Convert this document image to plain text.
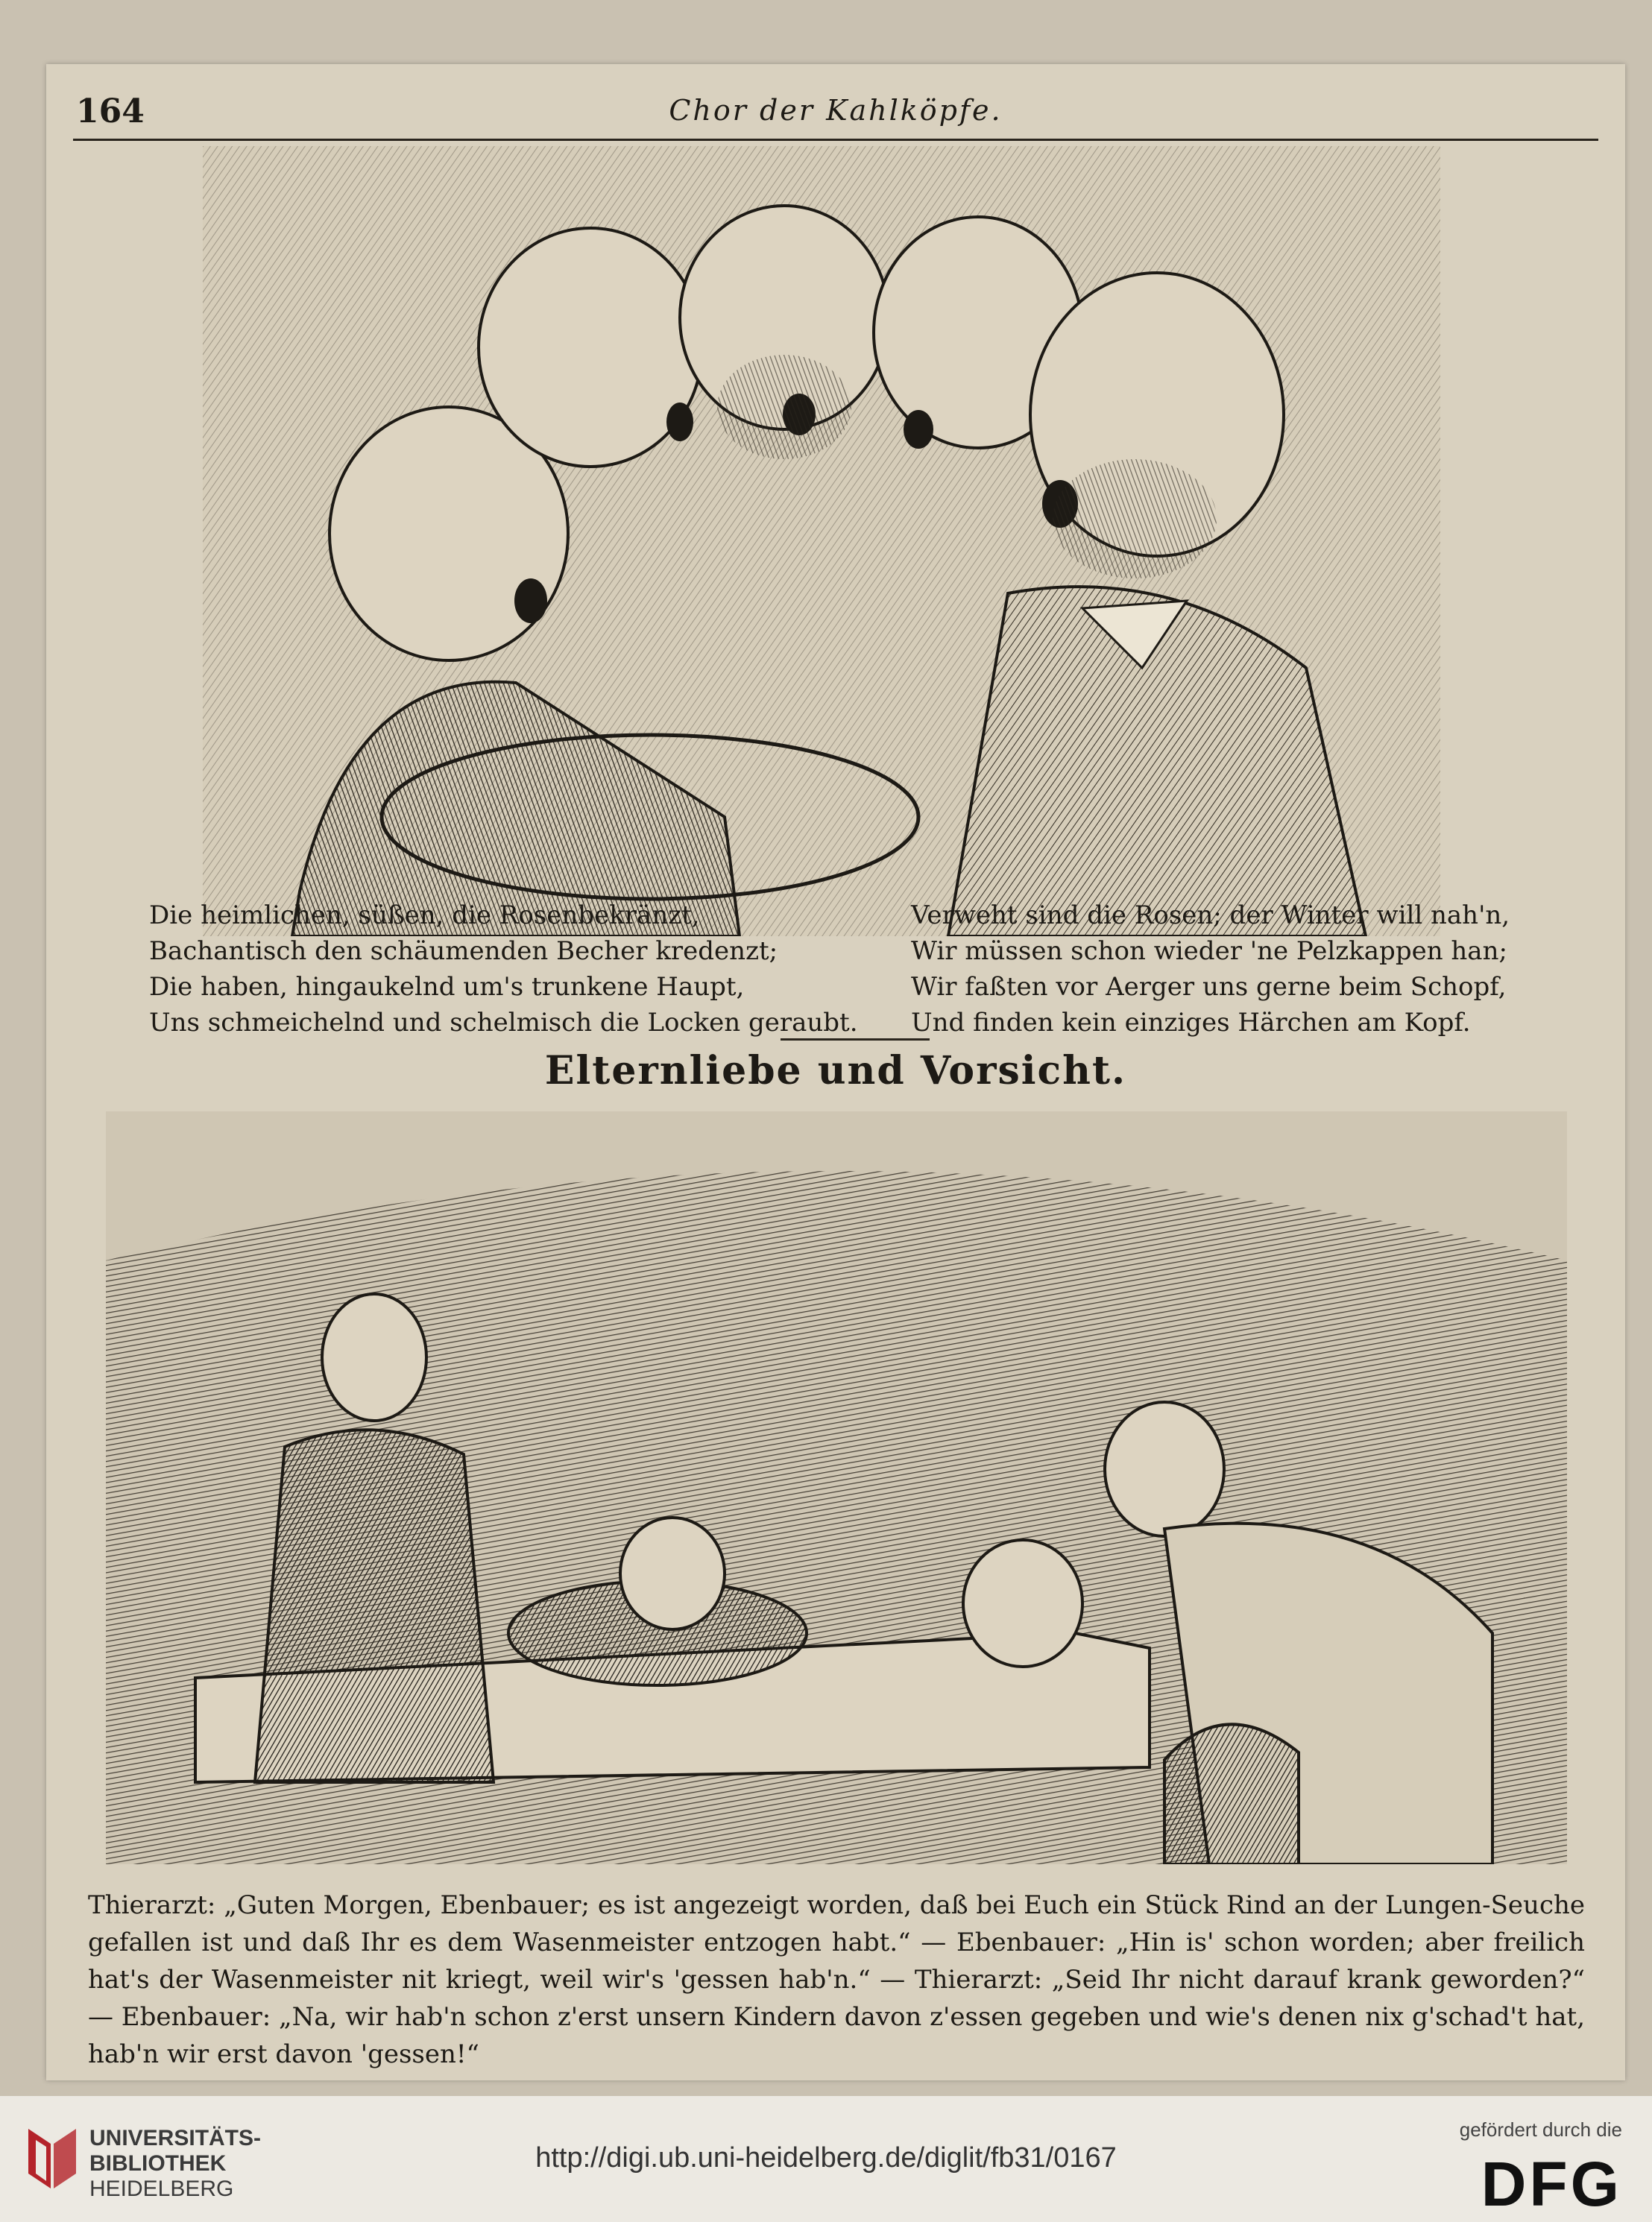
164	Chor der Kahlköpfe.
Die heimlichen, süßen, die Rosenbekränzt,
Bachantisch den schäumenden Becher kredenzt;
Die haben, hingaukelnd um's trunkene Haupt,
Uns schmeichelnd und schelmisch die Locken geraubt.
Verweht sind die Rosen; der Winter will nah'n,
Wir müssen schon wieder 'ne Pelzkappen han;
Wir faßten vor Aerger uns gerne beim Schopf,
Und finden kein einziges Härchen am Kopf.
Elternliebe und Vorsicht.
Thierarzt: „Guten Morgen, Ebenbauer; es ist angezeigt worden, daß bei Euch ein Stück Rind an der Lungen-Seuche gefallen ist und daß Ihr es dem Wasenmeister entzogen habt.“ — Ebenbauer: „Hin is' schon worden; aber freilich hat's der Wasenmeister nit kriegt, weil wir's 'gessen hab'n.“ — Thierarzt: „Seid Ihr nicht darauf krank geworden?“ — Ebenbauer: „Na, wir hab'n schon z'erst unsern Kindern davon z'essen gegeben und wie's denen nix g'schad't hat, hab'n wir erst davon 'gessen!“
UNIVERSITÄTS-
BIBLIOTHEK
HEIDELBERG
http://digi.ub.uni-heidelberg.de/diglit/fb31/0167
gefördert durch die
DFG
